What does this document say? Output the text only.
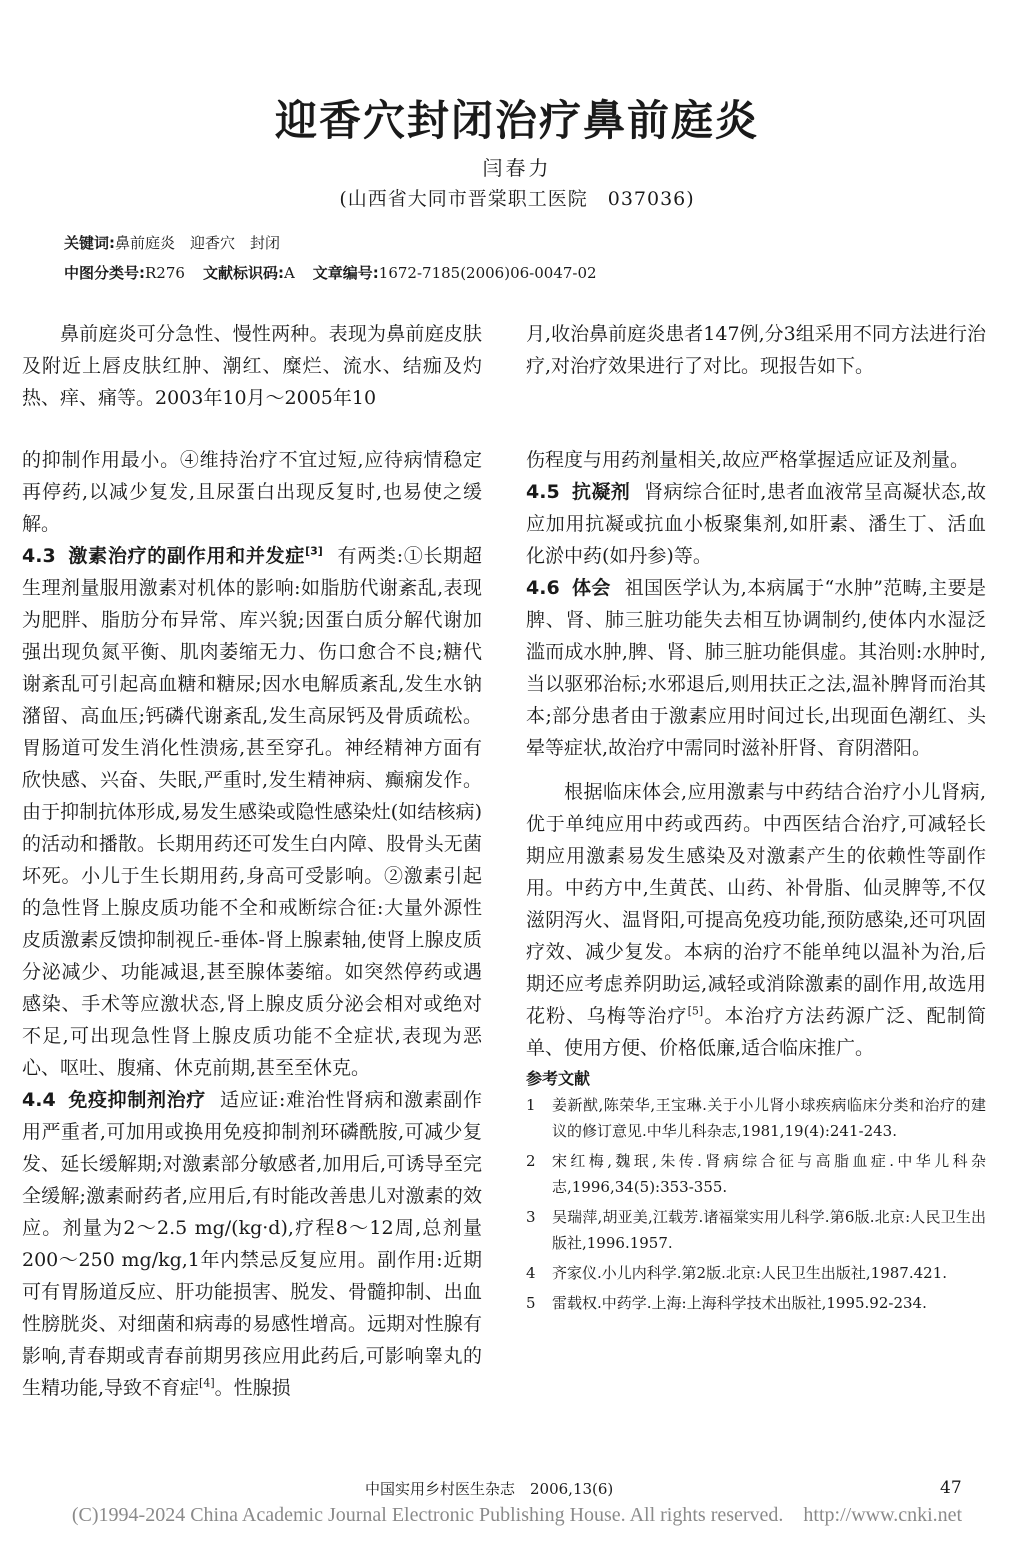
迎香穴封闭治疗鼻前庭炎
闫春力
(山西省大同市晋棠职工医院　037036)
关键词:鼻前庭炎　迎香穴　封闭
中图分类号:R276 文献标识码:A 文章编号:1672-7185(2006)06-0047-02

鼻前庭炎可分急性、慢性两种。表现为鼻前庭皮肤及附近上唇皮肤红肿、潮红、糜烂、流水、结痂及灼热、痒、痛等。2003年10月～2005年10

月,收治鼻前庭炎患者147例,分3组采用不同方法进行治疗,对治疗效果进行了对比。现报告如下。

的抑制作用最小。④维持治疗不宜过短,应待病情稳定再停药,以减少复发,且尿蛋白出现反复时,也易使之缓解。

4.3 激素治疗的副作用和并发症[3] 有两类:①长期超生理剂量服用激素对机体的影响:如脂肪代谢紊乱,表现为肥胖、脂肪分布异常、库兴貌;因蛋白质分解代谢加强出现负氮平衡、肌肉萎缩无力、伤口愈合不良;糖代谢紊乱可引起高血糖和糖尿;因水电解质紊乱,发生水钠潴留、高血压;钙磷代谢紊乱,发生高尿钙及骨质疏松。胃肠道可发生消化性溃疡,甚至穿孔。神经精神方面有欣快感、兴奋、失眠,严重时,发生精神病、癫痫发作。由于抑制抗体形成,易发生感染或隐性感染灶(如结核病)的活动和播散。长期用药还可发生白内障、股骨头无菌坏死。小儿于生长期用药,身高可受影响。②激素引起的急性肾上腺皮质功能不全和戒断综合征:大量外源性皮质激素反馈抑制视丘-垂体-肾上腺素轴,使肾上腺皮质分泌减少、功能减退,甚至腺体萎缩。如突然停药或遇感染、手术等应激状态,肾上腺皮质分泌会相对或绝对不足,可出现急性肾上腺皮质功能不全症状,表现为恶心、呕吐、腹痛、休克前期,甚至至休克。

4.4 免疫抑制剂治疗 适应证:难治性肾病和激素副作用严重者,可加用或换用免疫抑制剂环磷酰胺,可减少复发、延长缓解期;对激素部分敏感者,加用后,可诱导至完全缓解;激素耐药者,应用后,有时能改善患儿对激素的效应。剂量为2～2.5 mg/(kg·d),疗程8～12周,总剂量200～250 mg/kg,1年内禁忌反复应用。副作用:近期可有胃肠道反应、肝功能损害、脱发、骨髓抑制、出血性膀胱炎、对细菌和病毒的易感性增高。远期对性腺有影响,青春期或青春前期男孩应用此药后,可影响睾丸的生精功能,导致不育症[4]。性腺损

伤程度与用药剂量相关,故应严格掌握适应证及剂量。

4.5 抗凝剂 肾病综合征时,患者血液常呈高凝状态,故应加用抗凝或抗血小板聚集剂,如肝素、潘生丁、活血化淤中药(如丹参)等。

4.6 体会 祖国医学认为,本病属于“水肿”范畴,主要是脾、肾、肺三脏功能失去相互协调制约,使体内水湿泛滥而成水肿,脾、肾、肺三脏功能俱虚。其治则:水肿时,当以驱邪治标;水邪退后,则用扶正之法,温补脾肾而治其本;部分患者由于激素应用时间过长,出现面色潮红、头晕等症状,故治疗中需同时滋补肝肾、育阴潜阳。

根据临床体会,应用激素与中药结合治疗小儿肾病,优于单纯应用中药或西药。中西医结合治疗,可减轻长期应用激素易发生感染及对激素产生的依赖性等副作用。中药方中,生黄芪、山药、补骨脂、仙灵脾等,不仅滋阴泻火、温肾阳,可提高免疫功能,预防感染,还可巩固疗效、减少复发。本病的治疗不能单纯以温补为治,后期还应考虑养阴助运,减轻或消除激素的副作用,故选用花粉、乌梅等治疗[5]。本治疗方法药源广泛、配制简单、使用方便、价格低廉,适合临床推广。

参考文献
1	姜新猷,陈荣华,王宝琳.关于小儿肾小球疾病临床分类和治疗的建议的修订意见.中华儿科杂志,1981,19(4):241-243.
2	宋红梅,魏珉,朱传.肾病综合征与高脂血症.中华儿科杂志,1996,34(5):353-355.
3	吴瑞萍,胡亚美,江载芳.诸福棠实用儿科学.第6版.北京:人民卫生出版社,1996.1957.
4	齐家仪.小儿内科学.第2版.北京:人民卫生出版社,1987.421.
5	雷载权.中药学.上海:上海科学技术出版社,1995.92-234.
中国实用乡村医生杂志　2006,13(6)	47
(C)1994-2024 China Academic Journal Electronic Publishing House. All rights reserved.　http://www.cnki.net
